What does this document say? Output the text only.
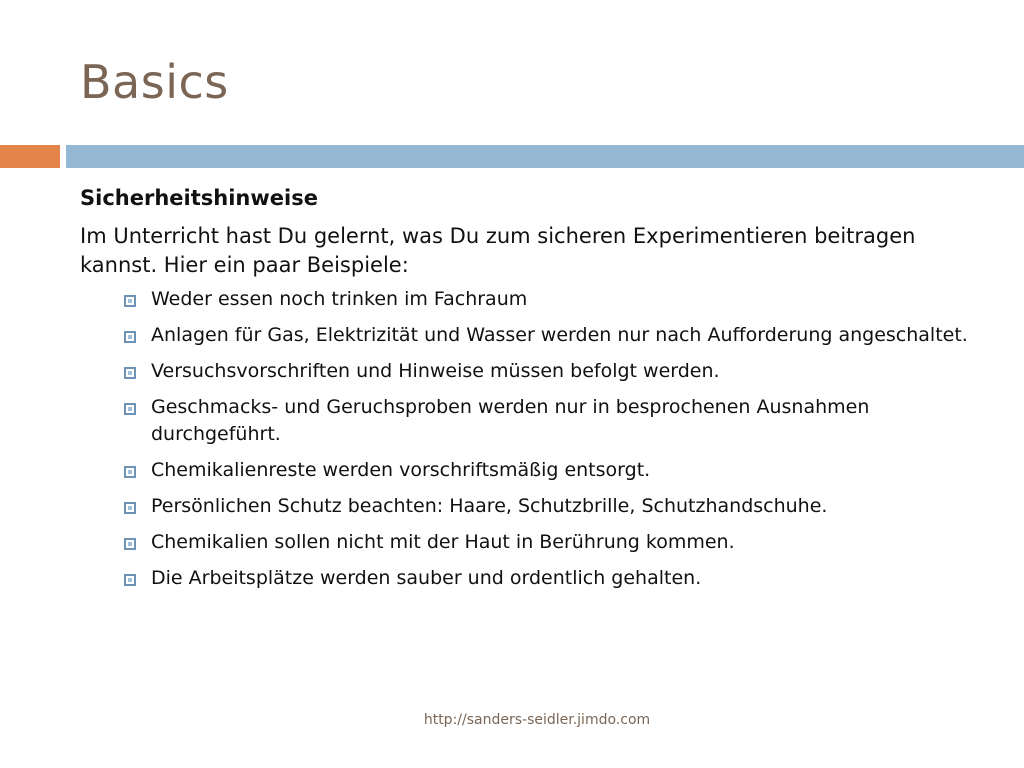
Basics
Sicherheitshinweise
Im Unterricht hast Du gelernt, was Du zum sicheren Experimentieren beitragen kannst. Hier ein paar Beispiele:
Weder essen noch trinken im Fachraum
Anlagen für Gas, Elektrizität und Wasser werden nur nach Aufforderung angeschaltet.
Versuchsvorschriften und Hinweise müssen befolgt werden.
Geschmacks- und Geruchsproben werden nur in besprochenen Ausnahmen durchgeführt.
Chemikalienreste werden vorschriftsmäßig entsorgt.
Persönlichen Schutz beachten: Haare, Schutzbrille, Schutzhandschuhe.
Chemikalien sollen nicht mit der Haut in Berührung kommen.
Die Arbeitsplätze werden sauber und ordentlich gehalten.
http://sanders-seidler.jimdo.com
